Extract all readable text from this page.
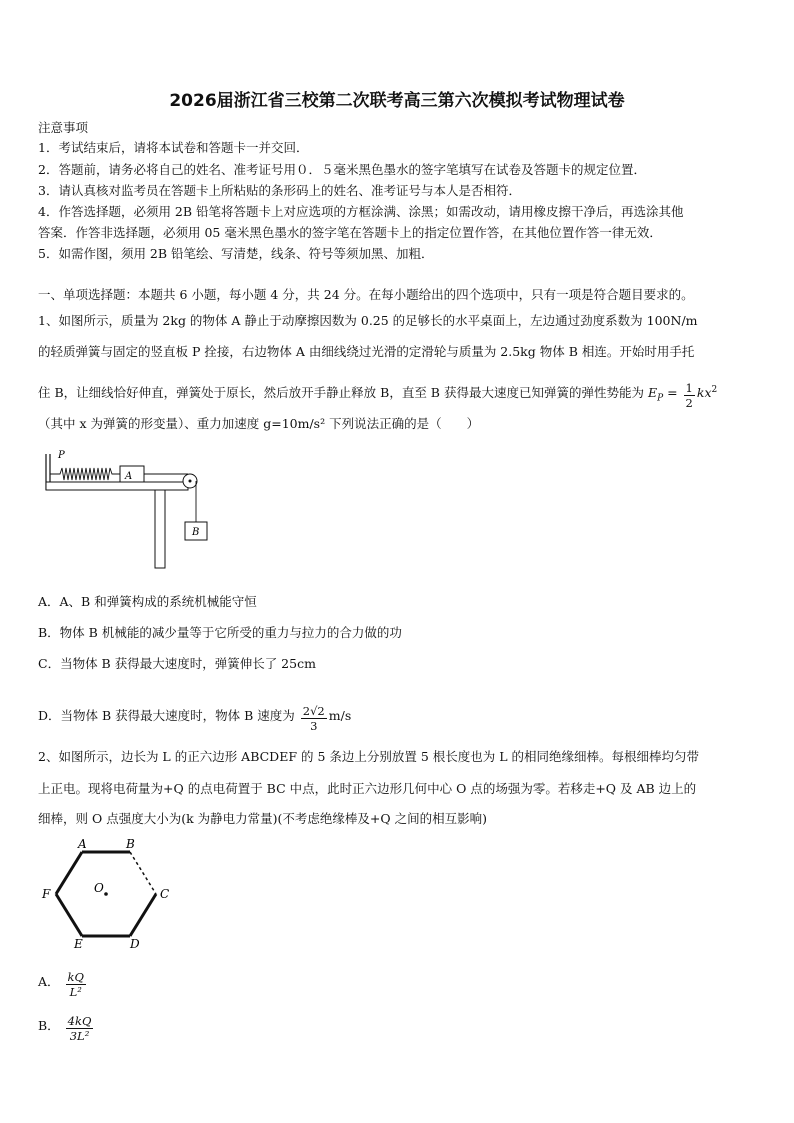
2026届浙江省三校第二次联考高三第六次模拟考试物理试卷
注意事项
1．考试结束后，请将本试卷和答题卡一并交回．
2．答题前，请务必将自己的姓名、准考证号用０．５毫米黑色墨水的签字笔填写在试卷及答题卡的规定位置．
3．请认真核对监考员在答题卡上所粘贴的条形码上的姓名、准考证号与本人是否相符．
4．作答选择题，必须用 2B 铅笔将答题卡上对应选项的方框涂满、涂黑；如需改动，请用橡皮擦干净后，再选涂其他
答案．作答非选择题，必须用 05 毫米黑色墨水的签字笔在答题卡上的指定位置作答，在其他位置作答一律无效．
5．如需作图，须用 2B 铅笔绘、写清楚，线条、符号等须加黑、加粗．
一、单项选择题：本题共 6 小题，每小题 4 分，共 24 分。在每小题给出的四个选项中，只有一项是符合题目要求的。
1、如图所示，质量为 2kg 的物体 A 静止于动摩擦因数为 0.25 的足够长的水平桌面上，左边通过劲度系数为 100N/m
的轻质弹簧与固定的竖直板 P 拴接，右边物体 A 由细线绕过光滑的定滑轮与质量为 2.5kg 物体 B 相连。开始时用手托
住 B，让细线恰好伸直，弹簧处于原长，然后放开手静止释放 B，直至 B 获得最大速度已知弹簧的弹性势能为 $E_P = \frac{1}{2} kx^2$
（其中 x 为弹簧的形变量）、重力加速度 g=10m/s² 下列说法正确的是（　　）
P
A
B
A．A、B 和弹簧构成的系统机械能守恒
B．物体 B 机械能的减少量等于它所受的重力与拉力的合力做的功
C．当物体 B 获得最大速度时，弹簧伸长了 25cm
D．当物体 B 获得最大速度时，物体 B 速度为 $\frac{2√2}{3} m/s$
2、如图所示，边长为 L 的正六边形 ABCDEF 的 5 条边上分别放置 5 根长度也为 L 的相同绝缘细棒。每根细棒均匀带
上正电。现将电荷量为+Q 的点电荷置于 BC 中点，此时正六边形几何中心 O 点的场强为零。若移走+Q 及 AB 边上的
细棒，则 O 点强度大小为(k 为静电力常量)(不考虑绝缘棒及+Q 之间的相互影响)
A	B
C
D
E
F	O
A． $\frac{kQ}{\text{L²}}$
B． $\frac{4kQ}{\text{3L²}}$
